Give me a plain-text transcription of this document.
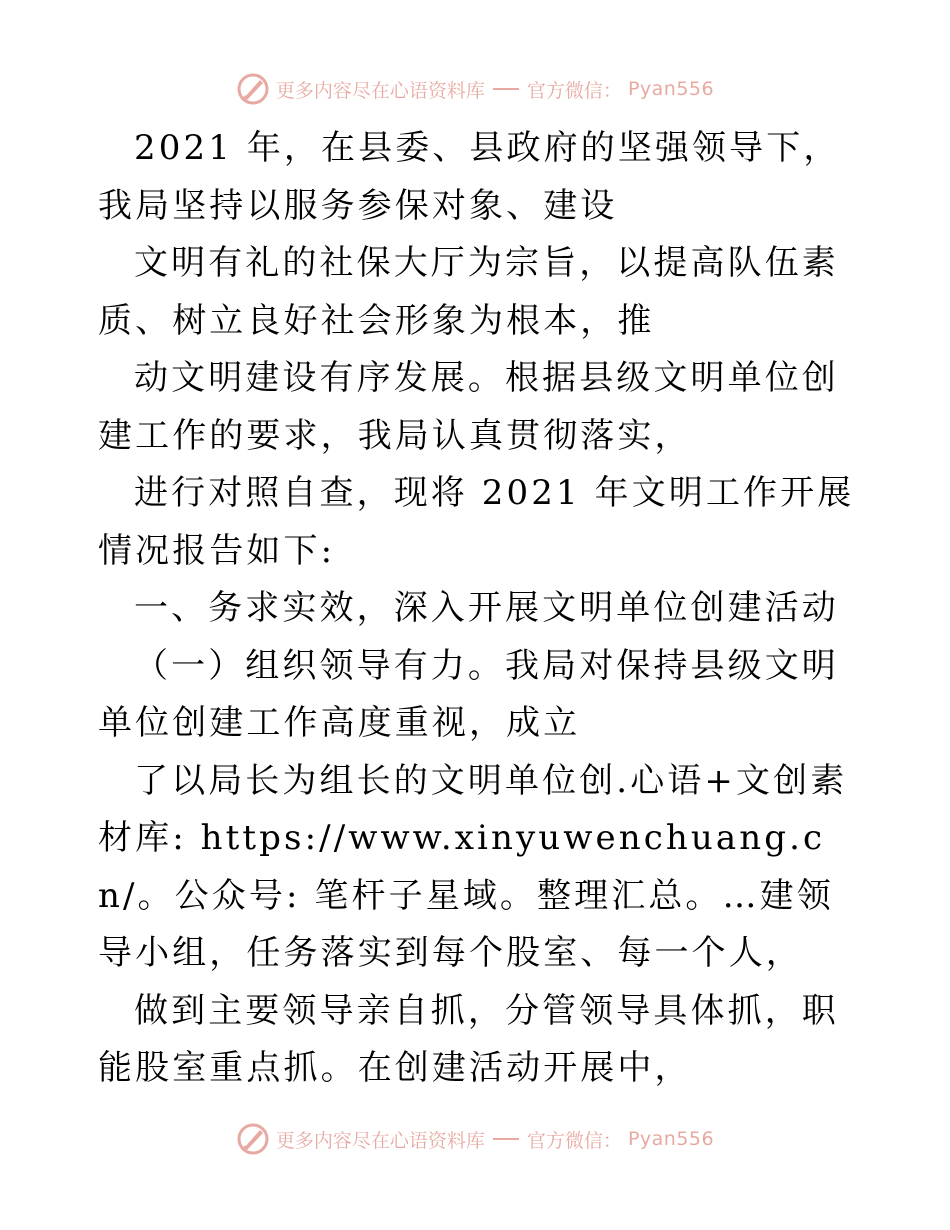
更多内容尽在心语资料库 官方微信： Pyan556

2021 年，在县委、县政府的坚强领导下，我局坚持以服务参保对象、建设

文明有礼的社保大厅为宗旨，以提高队伍素质、树立良好社会形象为根本，推

动文明建设有序发展。根据县级文明单位创建工作的要求，我局认真贯彻落实，

进行对照自查，现将 2021 年文明工作开展情况报告如下:

一、务求实效，深入开展文明单位创建活动

（一）组织领导有力。我局对保持县级文明单位创建工作高度重视，成立

了以局长为组长的文明单位创.心语+文创素材库: https://www.xinyuwenchuang.cn/。公众号: 笔杆子星域。整理汇总。…建领导小组，任务落实到每个股室、每一个人，

做到主要领导亲自抓，分管领导具体抓，职能股室重点抓。在创建活动开展中，

更多内容尽在心语资料库 官方微信： Pyan556
